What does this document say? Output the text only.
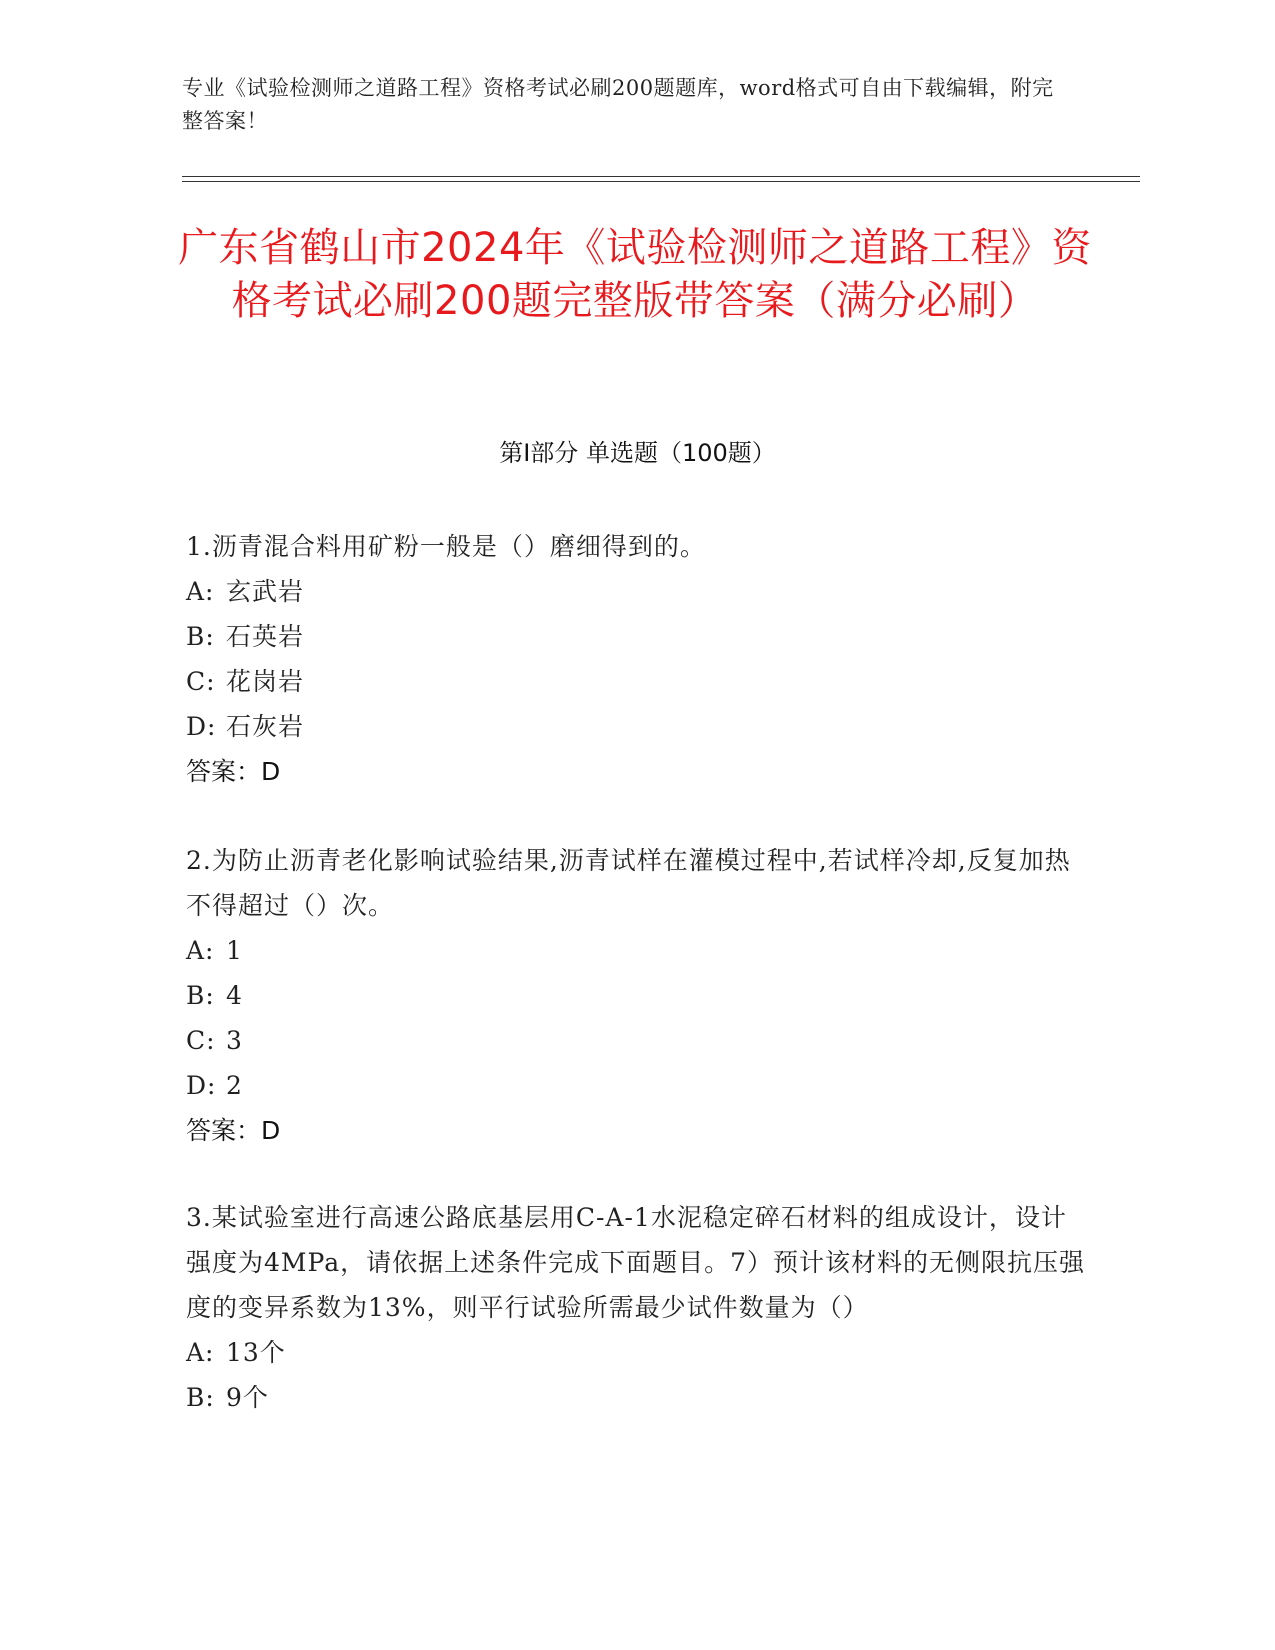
专业《试验检测师之道路工程》资格考试必刷200题题库，word格式可自由下载编辑，附完整答案！
广东省鹤山市2024年《试验检测师之道路工程》资格考试必刷200题完整版带答案（满分必刷）
第Ⅰ部分 单选题（100题）

1.沥青混合料用矿粉一般是（）磨细得到的。

A: 玄武岩

B: 石英岩

C: 花岗岩

D: 石灰岩

答案：D

2.为防止沥青老化影响试验结果,沥青试样在灌模过程中,若试样冷却,反复加热不得超过（）次。

A: 1

B: 4

C: 3

D: 2

答案：D

3.某试验室进行高速公路底基层用C-A-1水泥稳定碎石材料的组成设计，设计强度为4MPa，请依据上述条件完成下面题目。7）预计该材料的无侧限抗压强度的变异系数为13%，则平行试验所需最少试件数量为（）

A: 13个

B: 9个
